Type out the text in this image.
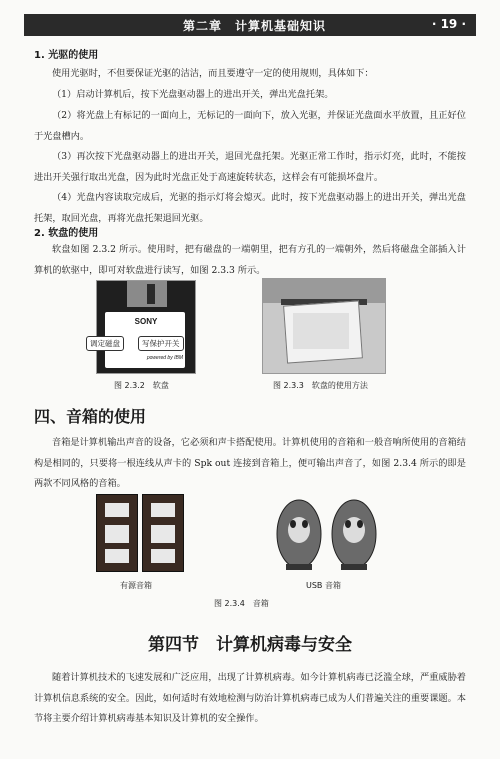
第二章　计算机基础知识	· 19 ·
1. 光驱的使用
使用光驱时，不但要保证光驱的洁洁，而且要遵守一定的使用规则，具体如下：
（1）启动计算机后，按下光盘驱动器上的进出开关，弹出光盘托架。
（2）将光盘上有标记的一面向上，无标记的一面向下，放入光驱，并保证光盘面水平放置，且正好位于光盘槽内。
（3）再次按下光盘驱动器上的进出开关，退回光盘托架。光驱正常工作时，指示灯亮，此时，不能按进出开关强行取出光盘，因为此时光盘正处于高速旋转状态，这样会有可能损坏盘片。
（4）光盘内容读取完成后，光驱的指示灯将会熄灭。此时，按下光盘驱动器上的进出开关，弹出光盘托架，取回光盘，再将光盘托架退回光驱。
2. 软盘的使用
软盘如图 2.3.2 所示。使用时，把有磁盘的一端朝里，把有方孔的一端朝外，然后将磁盘全部插入计算机的软驱中，即可对软盘进行读写，如图 2.3.3 所示。
SONY
powered by IBM
调定磁盘	写保护开关
图 2.3.2　软盘	图 2.3.3　软盘的使用方法
四、音箱的使用
音箱是计算机输出声音的设备，它必须和声卡搭配使用。计算机使用的音箱和一般音响所使用的音箱结构是相同的，只要将一根连线从声卡的 Spk out 连接到音箱上，便可输出声音了，如图 2.3.4 所示的即是两款不同风格的音箱。
有源音箱	USB 音箱
图 2.3.4　音箱
第四节　计算机病毒与安全
随着计算机技术的飞速发展和广泛应用，出现了计算机病毒。如今计算机病毒已泛滥全球，严重威胁着计算机信息系统的安全。因此，如何适时有效地检测与防治计算机病毒已成为人们普遍关注的重要课题。本节将主要介绍计算机病毒基本知识及计算机的安全操作。
